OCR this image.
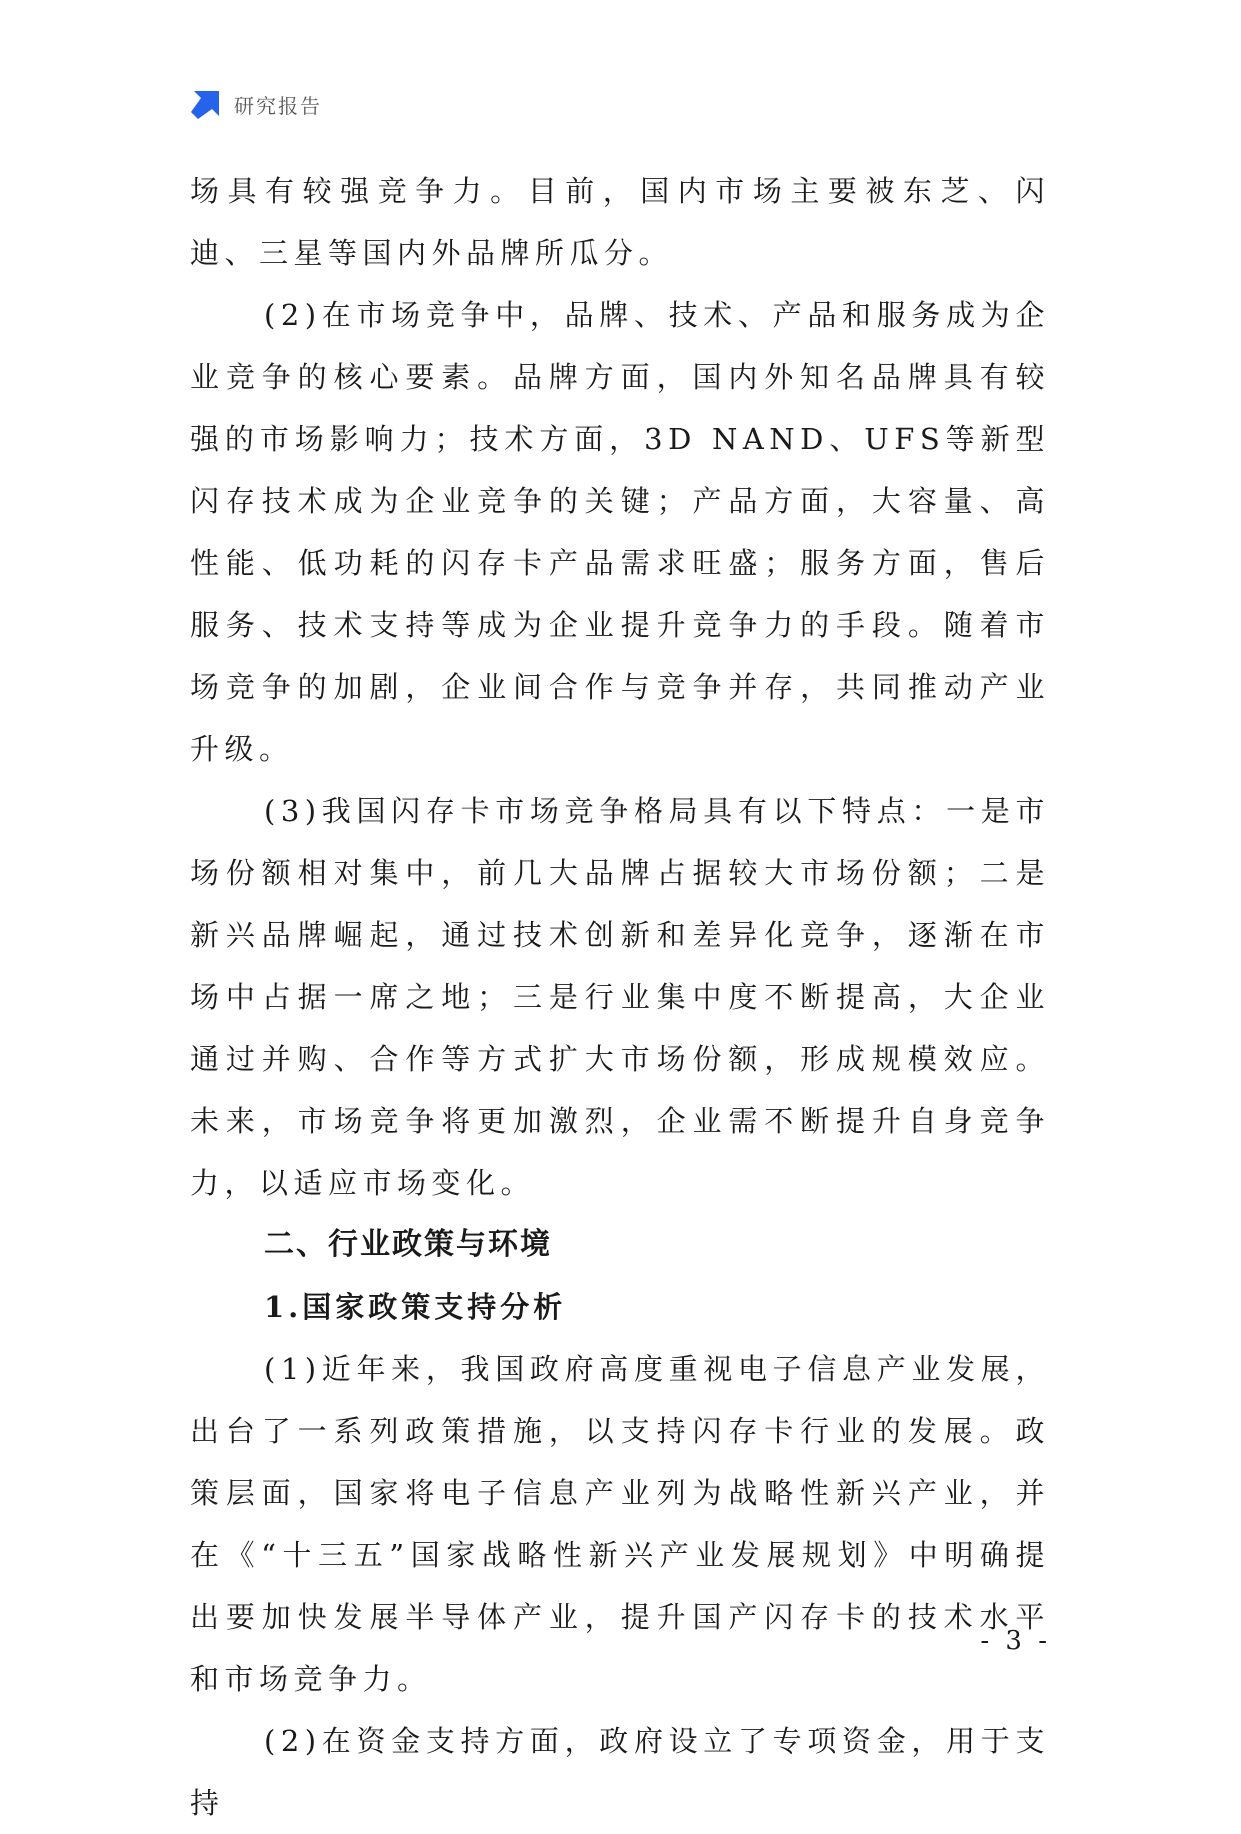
研究报告

场具有较强竞争力。目前，国内市场主要被东芝、闪迪、三星等国内外品牌所瓜分。

(2)在市场竞争中，品牌、技术、产品和服务成为企业竞争的核心要素。品牌方面，国内外知名品牌具有较强的市场影响力；技术方面，3D NAND、UFS等新型闪存技术成为企业竞争的关键；产品方面，大容量、高性能、低功耗的闪存卡产品需求旺盛；服务方面，售后服务、技术支持等成为企业提升竞争力的手段。随着市场竞争的加剧，企业间合作与竞争并存，共同推动产业升级。

(3)我国闪存卡市场竞争格局具有以下特点：一是市场份额相对集中，前几大品牌占据较大市场份额；二是新兴品牌崛起，通过技术创新和差异化竞争，逐渐在市场中占据一席之地；三是行业集中度不断提高，大企业通过并购、合作等方式扩大市场份额，形成规模效应。未来，市场竞争将更加激烈，企业需不断提升自身竞争力，以适应市场变化。

二、行业政策与环境
1.国家政策支持分析

(1)近年来，我国政府高度重视电子信息产业发展，出台了一系列政策措施，以支持闪存卡行业的发展。政策层面，国家将电子信息产业列为战略性新兴产业，并在《“十三五”国家战略性新兴产业发展规划》中明确提出要加快发展半导体产业，提升国产闪存卡的技术水平和市场竞争力。

(2)在资金支持方面，政府设立了专项资金，用于支持

- 3 -
